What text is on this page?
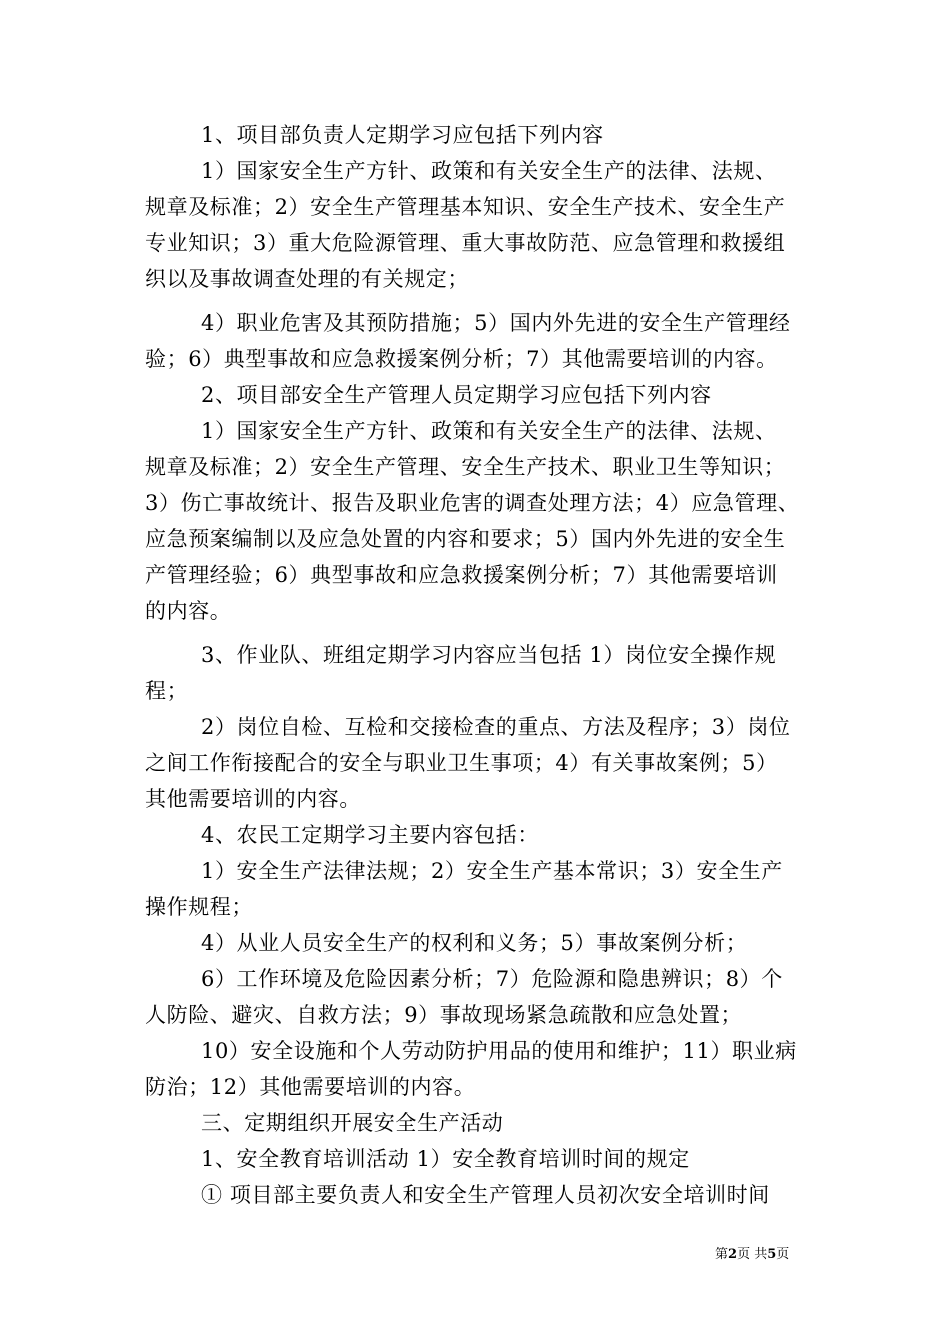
1、项目部负责人定期学习应包括下列内容
1）国家安全生产方针、政策和有关安全生产的法律、法规、
规章及标准；2）安全生产管理基本知识、安全生产技术、安全生产
专业知识；3）重大危险源管理、重大事故防范、应急管理和救援组
织以及事故调查处理的有关规定；
4）职业危害及其预防措施；5）国内外先进的安全生产管理经
验；6）典型事故和应急救援案例分析；7）其他需要培训的内容。
2、项目部安全生产管理人员定期学习应包括下列内容
1）国家安全生产方针、政策和有关安全生产的法律、法规、
规章及标准；2）安全生产管理、安全生产技术、职业卫生等知识；
3）伤亡事故统计、报告及职业危害的调查处理方法；4）应急管理、
应急预案编制以及应急处置的内容和要求；5）国内外先进的安全生
产管理经验；6）典型事故和应急救援案例分析；7）其他需要培训
的内容。
3、作业队、班组定期学习内容应当包括 1）岗位安全操作规
程；
2）岗位自检、互检和交接检查的重点、方法及程序；3）岗位
之间工作衔接配合的安全与职业卫生事项；4）有关事故案例；5）
其他需要培训的内容。
4、农民工定期学习主要内容包括：
1）安全生产法律法规；2）安全生产基本常识；3）安全生产
操作规程；
4）从业人员安全生产的权利和义务；5）事故案例分析；
6）工作环境及危险因素分析；7）危险源和隐患辨识；8）个
人防险、避灾、自救方法；9）事故现场紧急疏散和应急处置；
10）安全设施和个人劳动防护用品的使用和维护；11）职业病
防治；12）其他需要培训的内容。
三、定期组织开展安全生产活动
1、安全教育培训活动 1）安全教育培训时间的规定
① 项目部主要负责人和安全生产管理人员初次安全培训时间
第2页 共5页
